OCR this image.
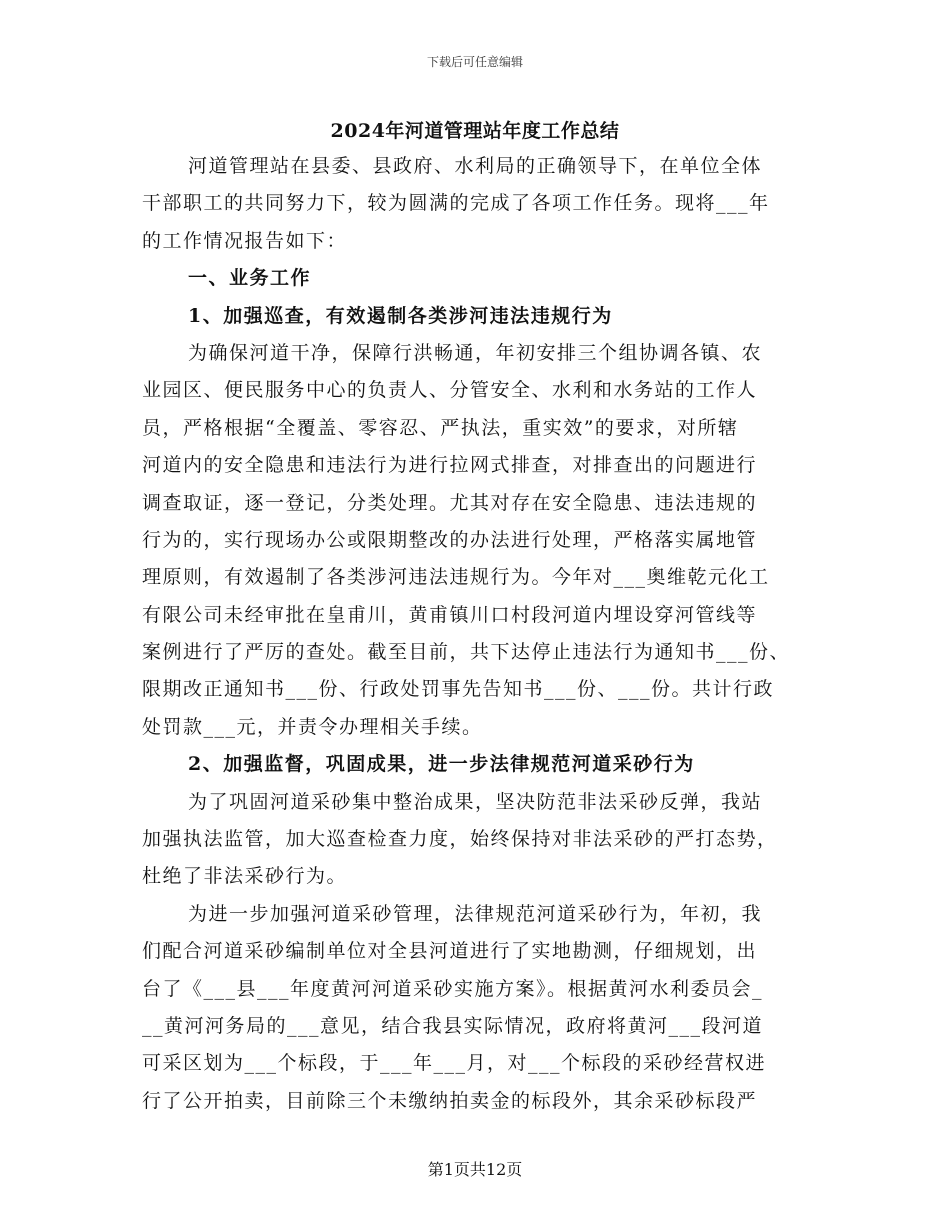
下载后可任意编辑
2024年河道管理站年度工作总结
河道管理站在县委、县政府、水利局的正确领导下，在单位全体
干部职工的共同努力下，较为圆满的完成了各项工作任务。现将___年
的工作情况报告如下：
一、业务工作
1、加强巡查，有效遏制各类涉河违法违规行为
为确保河道干净，保障行洪畅通，年初安排三个组协调各镇、农
业园区、便民服务中心的负责人、分管安全、水利和水务站的工作人
员，严格根据“全覆盖、零容忍、严执法，重实效”的要求，对所辖
河道内的安全隐患和违法行为进行拉网式排查，对排查出的问题进行
调查取证，逐一登记，分类处理。尤其对存在安全隐患、违法违规的
行为的，实行现场办公或限期整改的办法进行处理，严格落实属地管
理原则，有效遏制了各类涉河违法违规行为。今年对___奥维乾元化工
有限公司未经审批在皇甫川，黄甫镇川口村段河道内埋设穿河管线等
案例进行了严厉的查处。截至目前，共下达停止违法行为通知书___份、
限期改正通知书___份、行政处罚事先告知书___份、___份。共计行政
处罚款___元，并责令办理相关手续。
2、加强监督，巩固成果，进一步法律规范河道采砂行为
为了巩固河道采砂集中整治成果，坚决防范非法采砂反弹，我站
加强执法监管，加大巡查检查力度，始终保持对非法采砂的严打态势，
杜绝了非法采砂行为。
为进一步加强河道采砂管理，法律规范河道采砂行为，年初，我
们配合河道采砂编制单位对全县河道进行了实地勘测，仔细规划，出
台了《___县___年度黄河河道采砂实施方案》。根据黄河水利委员会_
__黄河河务局的___意见，结合我县实际情况，政府将黄河___段河道
可采区划为___个标段，于___年___月，对___个标段的采砂经营权进
行了公开拍卖，目前除三个未缴纳拍卖金的标段外，其余采砂标段严
第1页共12页
